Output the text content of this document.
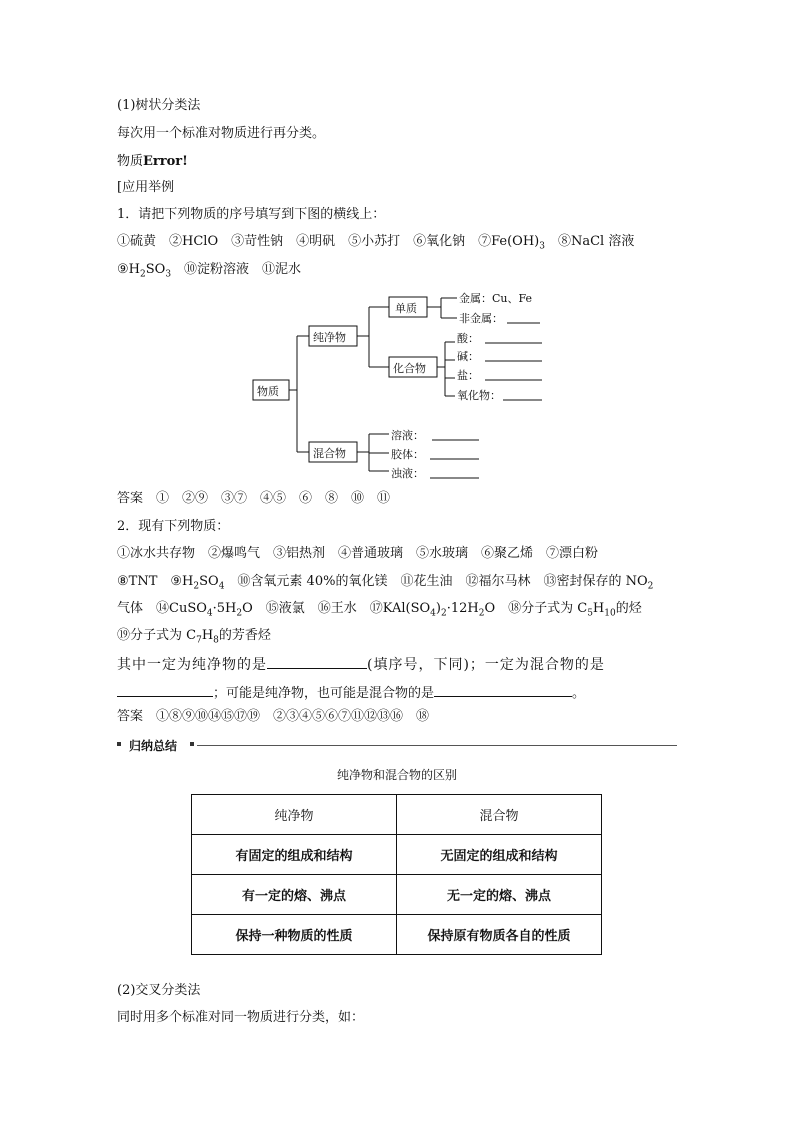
(1)树状分类法
每次用一个标准对物质进行再分类。
物质Error!
[应用举例
1．请把下列物质的序号填写到下图的横线上：
①硫黄　②HClO　③苛性钠　④明矾　⑤小苏打　⑥氧化钠　$⑦Fe(OH)_3$　⑧NaCl 溶液
$⑨H_2SO_3$　⑩淀粉溶液　⑪泥水
物质
纯净物
混合物
单质
化合物
金属：Cu、Fe
非金属：
酸：
碱：
盐：
氧化物：
溶液：
胶体：
浊液：
答案　 ①　②⑨　③⑦　④⑤　⑥　⑧　⑩　⑪
2．现有下列物质：
①冰水共存物　②爆鸣气　③铝热剂　④普通玻璃　⑤水玻璃　⑥聚乙烯　⑦漂白粉
⑧TNT　$⑨H_2SO_4$　⑩含氧元素 40%的氧化镁　⑪花生油　⑫福尔马林　⑬密封保存的 $NO_2$
气体　$⑭CuSO_4\cdot 5H_2O$　⑮液氯　⑯王水　$⑰KAl(SO_4)_2\cdot 12H_2O$　⑱分子式为 $C_5H_{10}$的烃
⑲分子式为 $C_7H_8$的芳香烃
其中一定为纯净物的是	(填序号，下同)；一定为混合物的是
；可能是纯净物，也可能是混合物的是	。
答案　 ①⑧⑨⑩⑭⑮⑰⑲　②③④⑤⑥⑦⑪⑫⑬⑯　⑱
归纳总结
纯净物和混合物的区别
纯净物	混合物
有固定的组成和结构	无固定的组成和结构
有一定的熔、沸点	无一定的熔、沸点
保持一种物质的性质	保持原有物质各自的性质
(2)交叉分类法
同时用多个标准对同一物质进行分类，如：
